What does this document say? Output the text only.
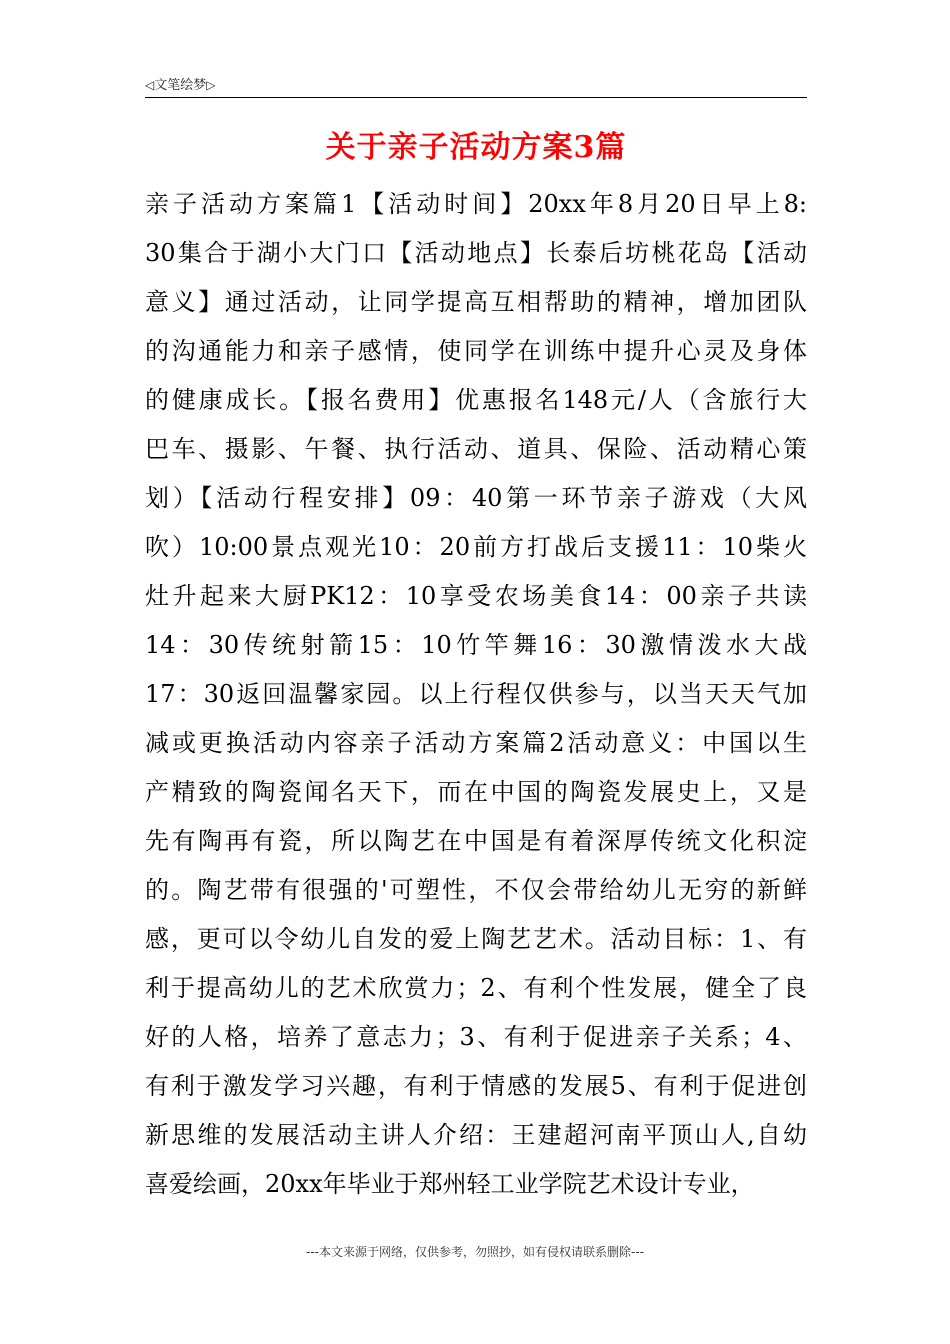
◁文笔绘梦▷
关于亲子活动方案3篇
亲子活动方案篇1【活动时间】20xx年8月20日早上8:
30集合于湖小大门口【活动地点】长泰后坊桃花岛【活动
意义】通过活动，让同学提高互相帮助的精神，增加团队
的沟通能力和亲子感情，使同学在训练中提升心灵及身体
的健康成长。【报名费用】优惠报名148元/人（含旅行大
巴车、摄影、午餐、执行活动、道具、保险、活动精心策
划）【活动行程安排】09：40第一环节亲子游戏（大风
吹）10:00景点观光10：20前方打战后支援11：10柴火
灶升起来大厨PK12：10享受农场美食14：00亲子共读
14：30传统射箭15：10竹竿舞16：30激情泼水大战
17：30返回温馨家园。以上行程仅供参与，以当天天气加
减或更换活动内容亲子活动方案篇2活动意义：中国以生
产精致的陶瓷闻名天下，而在中国的陶瓷发展史上，又是
先有陶再有瓷，所以陶艺在中国是有着深厚传统文化积淀
的。陶艺带有很强的'可塑性，不仅会带给幼儿无穷的新鲜
感，更可以令幼儿自发的爱上陶艺艺术。活动目标：1、有
利于提高幼儿的艺术欣赏力；2、有利个性发展，健全了良
好的人格，培养了意志力；3、有利于促进亲子关系；4、
有利于激发学习兴趣，有利于情感的发展5、有利于促进创
新思维的发展活动主讲人介绍：王建超河南平顶山人,自幼
喜爱绘画，20xx年毕业于郑州轻工业学院艺术设计专业，
---本文来源于网络，仅供参考，勿照抄，如有侵权请联系删除---
